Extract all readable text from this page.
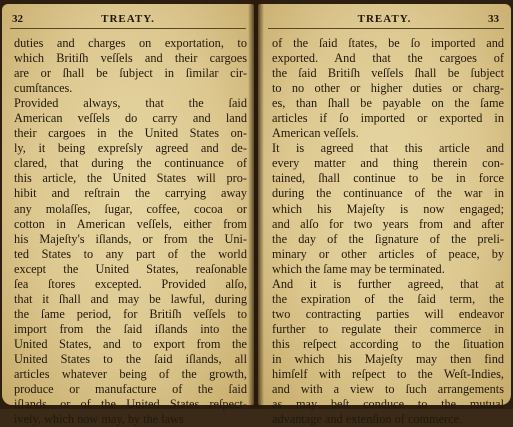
32	TREATY.
duties and charges on exportation, to
which Britiſh veſſels and their cargoes
are or ſhall be ſubject in ſimilar cir-
cumſtances.
Provided always, that the ſaid
American veſſels do carry and land
their cargoes in the United States on-
ly, it being expreſsly agreed and de-
clared, that during the continuance of
this article, the United States will pro-
hibit and reſtrain the carrying away
any molaſſes, ſugar, coffee, cocoa or
cotton in American veſſels, either from
his Majeſty's iſlands, or from the Uni-
ted States to any part of the world
except the United States, reaſonable
ſea ſtores excepted. Provided alſo,
that it ſhall and may be lawful, during
the ſame period, for Britiſh veſſels to
import from the ſaid iſlands into the
United States, and to export from the
United States to the ſaid iſlands, all
articles whatever being of the growth,
produce or manufacture of the ſaid
iſlands, or of the United States reſpect-
ively, which now may, by the laws
TREATY.	33
of the ſaid ſtates, be ſo imported and
exported. And that the cargoes of
the ſaid Britiſh veſſels ſhall be ſubject
to no other or higher duties or charg-
es, than ſhall be payable on the ſame
articles if ſo imported or exported in
American veſſels.
It is agreed that this article and
every matter and thing therein con-
tained, ſhall continue to be in force
during the continuance of the war in
which his Majeſty is now engaged;
and alſo for two years from and after
the day of the ſignature of the preli-
minary or other articles of peace, by
which the ſame may be terminated.
And it is further agreed, that at
the expiration of the ſaid term, the
two contracting parties will endeavor
further to regulate their commerce in
this reſpect according to the ſituation
in which his Majeſty may then find
himſelf with reſpect to the Weſt-Indies,
and with a view to ſuch arrangements
as may beſt conduce to the mutual
advantage and extenſion of commerce.
